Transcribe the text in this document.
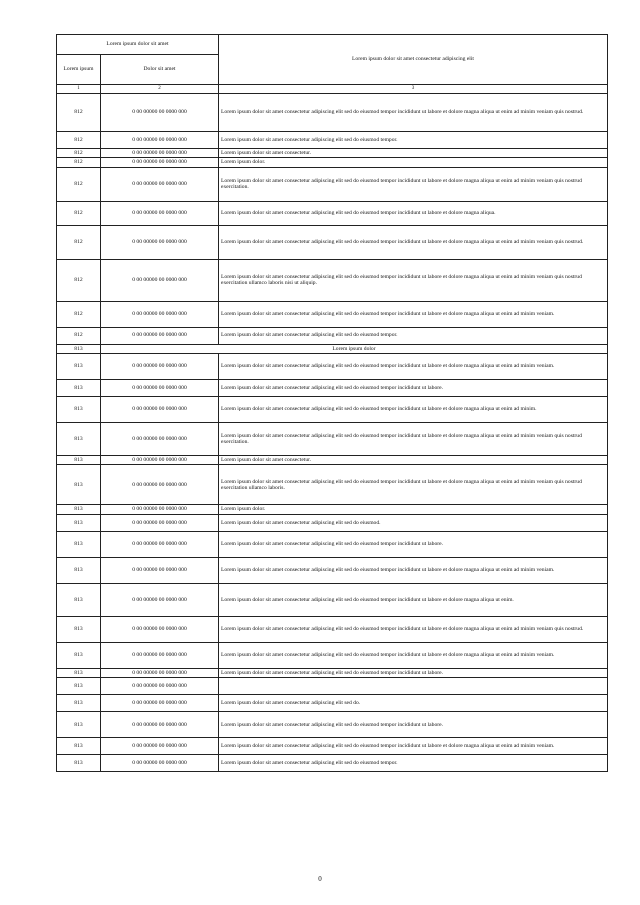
Lorem ipsum dolor sit amet		Lorem ipsum dolor sit amet consectetur adipiscing elit
Lorem ipsum	Dolor sit amet	
1	2	3
812	0 00 00000 00 0000 000	Lorem ipsum dolor sit amet consectetur adipiscing elit sed do eiusmod tempor incididunt ut labore et dolore magna aliqua ut enim ad minim veniam quis nostrud.
812	0 00 00000 00 0000 000	Lorem ipsum dolor sit amet consectetur adipiscing elit sed do eiusmod tempor.
812	0 00 00000 00 0000 000	Lorem ipsum dolor sit amet consectetur.
812	0 00 00000 00 0000 000	Lorem ipsum dolor.
812	0 00 00000 00 0000 000	Lorem ipsum dolor sit amet consectetur adipiscing elit sed do eiusmod tempor incididunt ut labore et dolore magna aliqua ut enim ad minim veniam quis nostrud exercitation.
812	0 00 00000 00 0000 000	Lorem ipsum dolor sit amet consectetur adipiscing elit sed do eiusmod tempor incididunt ut labore et dolore magna aliqua.
812	0 00 00000 00 0000 000	Lorem ipsum dolor sit amet consectetur adipiscing elit sed do eiusmod tempor incididunt ut labore et dolore magna aliqua ut enim ad minim veniam quis nostrud.
812	0 00 00000 00 0000 000	Lorem ipsum dolor sit amet consectetur adipiscing elit sed do eiusmod tempor incididunt ut labore et dolore magna aliqua ut enim ad minim veniam quis nostrud exercitation ullamco laboris nisi ut aliquip.
812	0 00 00000 00 0000 000	Lorem ipsum dolor sit amet consectetur adipiscing elit sed do eiusmod tempor incididunt ut labore et dolore magna aliqua ut enim ad minim veniam.
812	0 00 00000 00 0000 000	Lorem ipsum dolor sit amet consectetur adipiscing elit sed do eiusmod tempor.
813	Lorem ipsum dolor	
813	0 00 00000 00 0000 000	Lorem ipsum dolor sit amet consectetur adipiscing elit sed do eiusmod tempor incididunt ut labore et dolore magna aliqua ut enim ad minim veniam.
813	0 00 00000 00 0000 000	Lorem ipsum dolor sit amet consectetur adipiscing elit sed do eiusmod tempor incididunt ut labore.
813	0 00 00000 00 0000 000	Lorem ipsum dolor sit amet consectetur adipiscing elit sed do eiusmod tempor incididunt ut labore et dolore magna aliqua ut enim ad minim.
813	0 00 00000 00 0000 000	Lorem ipsum dolor sit amet consectetur adipiscing elit sed do eiusmod tempor incididunt ut labore et dolore magna aliqua ut enim ad minim veniam quis nostrud exercitation.
813	0 00 00000 00 0000 000	Lorem ipsum dolor sit amet consectetur.
813	0 00 00000 00 0000 000	Lorem ipsum dolor sit amet consectetur adipiscing elit sed do eiusmod tempor incididunt ut labore et dolore magna aliqua ut enim ad minim veniam quis nostrud exercitation ullamco laboris.
813	0 00 00000 00 0000 000	Lorem ipsum dolor.
813	0 00 00000 00 0000 000	Lorem ipsum dolor sit amet consectetur adipiscing elit sed do eiusmod.
813	0 00 00000 00 0000 000	Lorem ipsum dolor sit amet consectetur adipiscing elit sed do eiusmod tempor incididunt ut labore.
813	0 00 00000 00 0000 000	Lorem ipsum dolor sit amet consectetur adipiscing elit sed do eiusmod tempor incididunt ut labore et dolore magna aliqua ut enim ad minim veniam.
813	0 00 00000 00 0000 000	Lorem ipsum dolor sit amet consectetur adipiscing elit sed do eiusmod tempor incididunt ut labore et dolore magna aliqua ut enim.
813	0 00 00000 00 0000 000	Lorem ipsum dolor sit amet consectetur adipiscing elit sed do eiusmod tempor incididunt ut labore et dolore magna aliqua ut enim ad minim veniam quis nostrud.
813	0 00 00000 00 0000 000	Lorem ipsum dolor sit amet consectetur adipiscing elit sed do eiusmod tempor incididunt ut labore et dolore magna aliqua ut enim ad minim veniam.
813	0 00 00000 00 0000 000	Lorem ipsum dolor sit amet consectetur adipiscing elit sed do eiusmod tempor incididunt ut labore.
813	0 00 00000 00 0000 000	
813	0 00 00000 00 0000 000	Lorem ipsum dolor sit amet consectetur adipiscing elit sed do.
813	0 00 00000 00 0000 000	Lorem ipsum dolor sit amet consectetur adipiscing elit sed do eiusmod tempor incididunt ut labore.
813	0 00 00000 00 0000 000	Lorem ipsum dolor sit amet consectetur adipiscing elit sed do eiusmod tempor incididunt ut labore et dolore magna aliqua ut enim ad minim veniam.
813	0 00 00000 00 0000 000	Lorem ipsum dolor sit amet consectetur adipiscing elit sed do eiusmod tempor.
0
